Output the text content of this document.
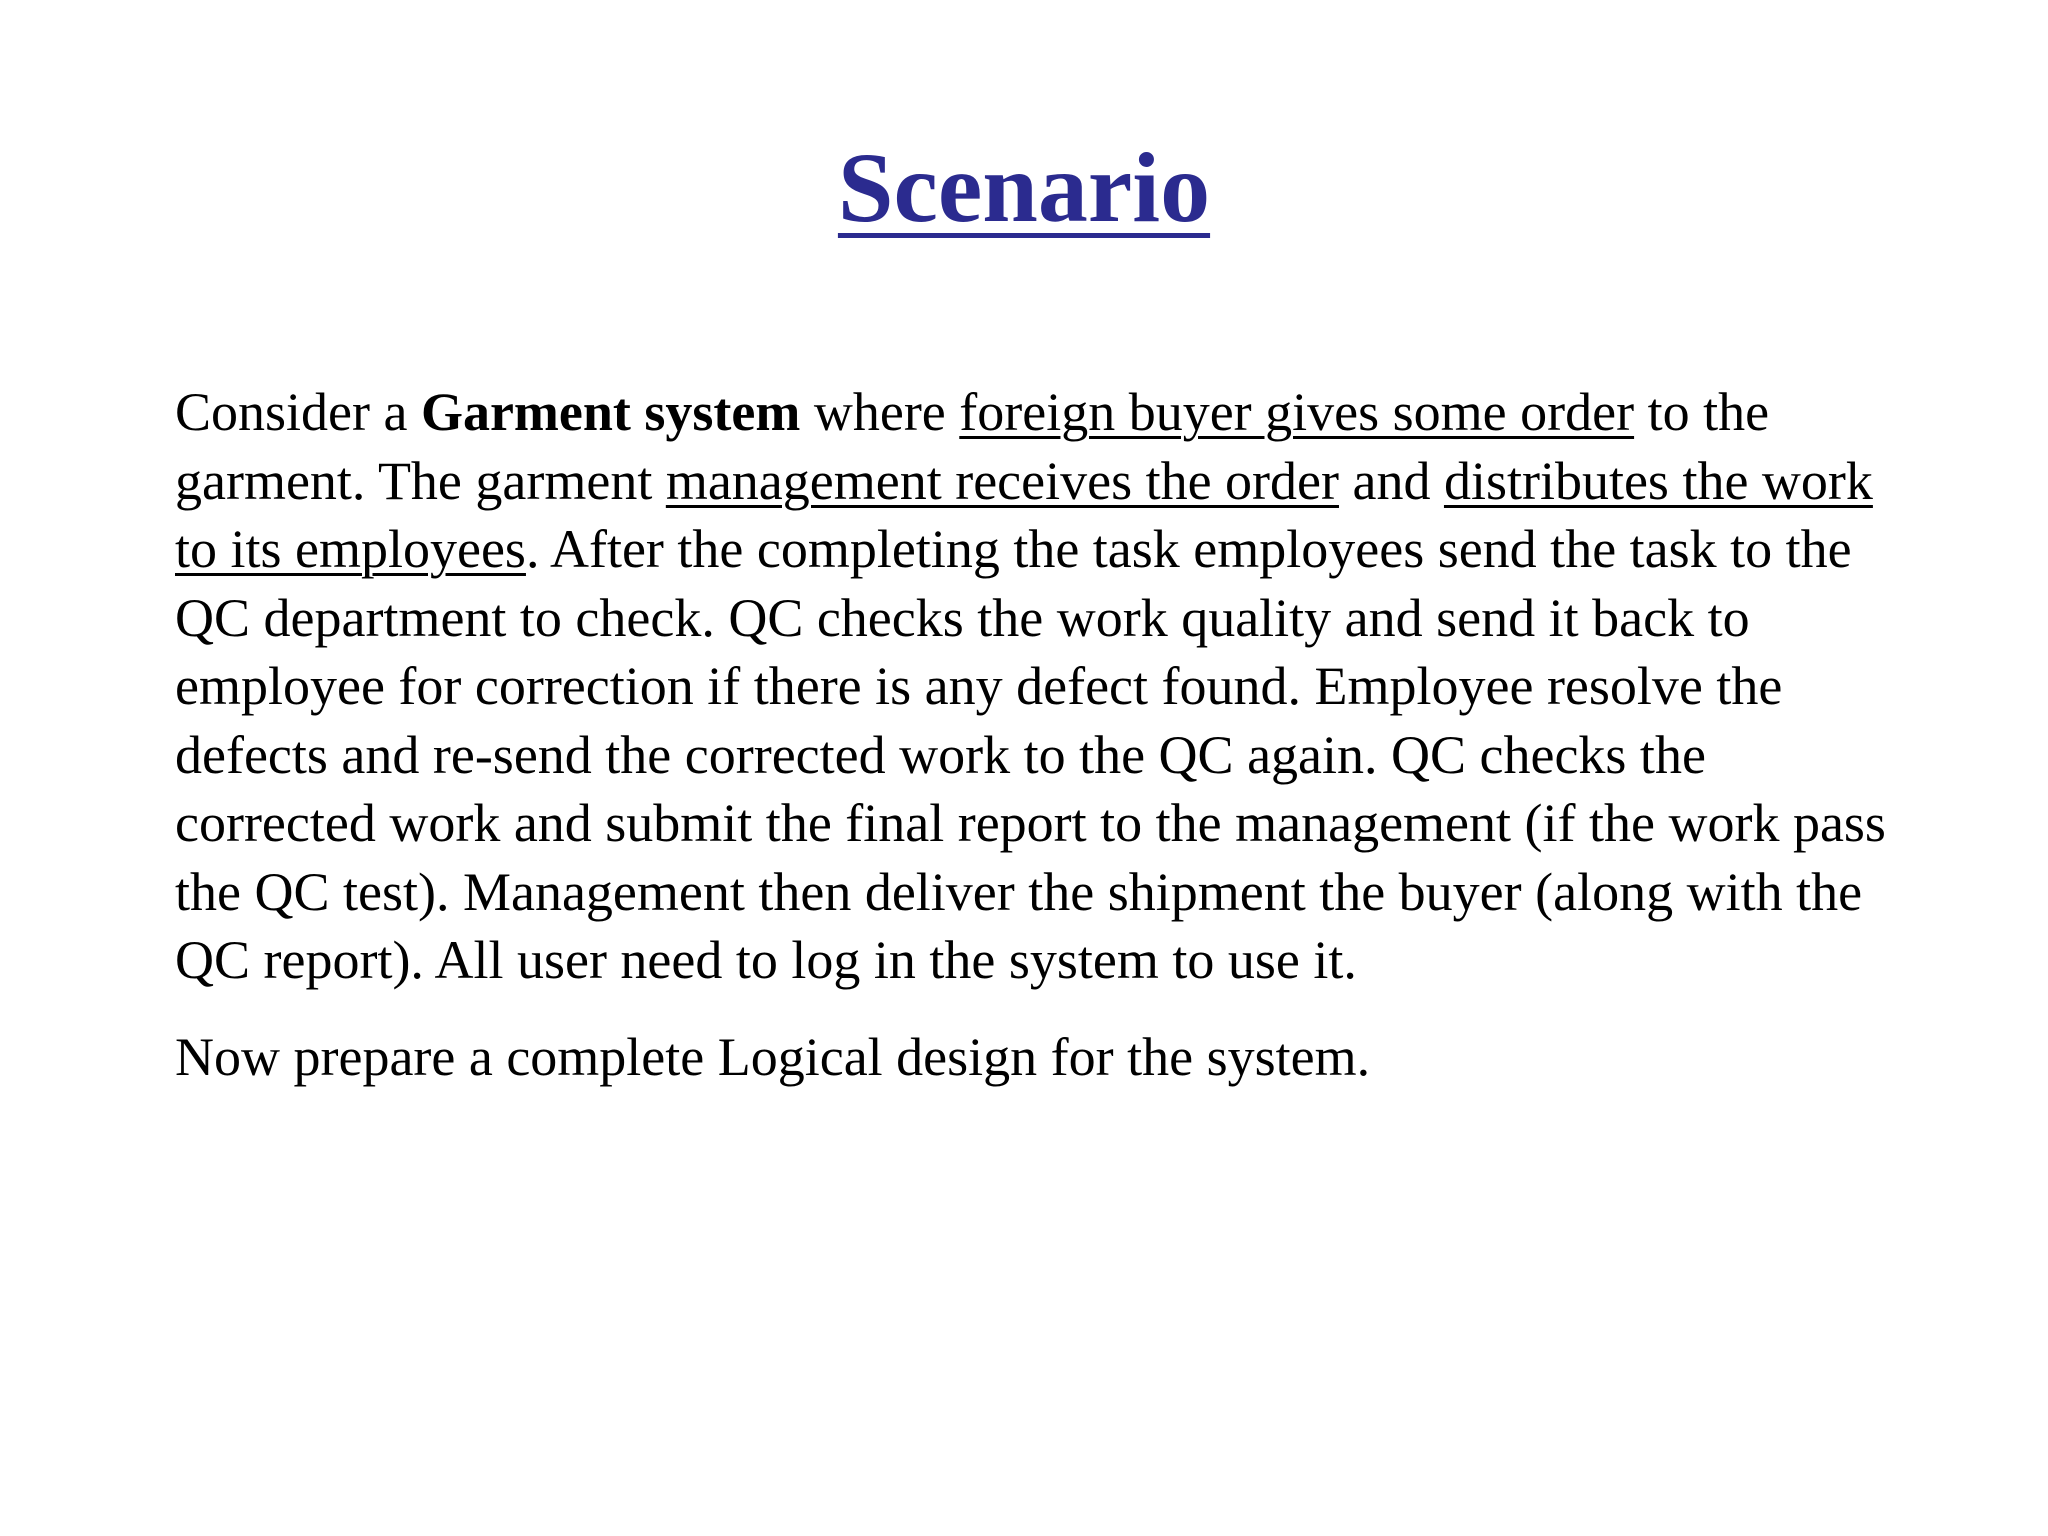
Scenario

Consider a Garment system where foreign buyer gives some order to the garment. The garment management receives the order and distributes the work to its employees. After the completing the task employees send the task to the QC department to check. QC checks the work quality and send it back to employee for correction if there is any defect found. Employee resolve the defects and re-send the corrected work to the QC again. QC checks the corrected work and submit the final report to the management (if the work pass the QC test). Management then deliver the shipment the buyer (along with the QC report). All user need to log in the system to use it.

Now prepare a complete Logical design for the system.
